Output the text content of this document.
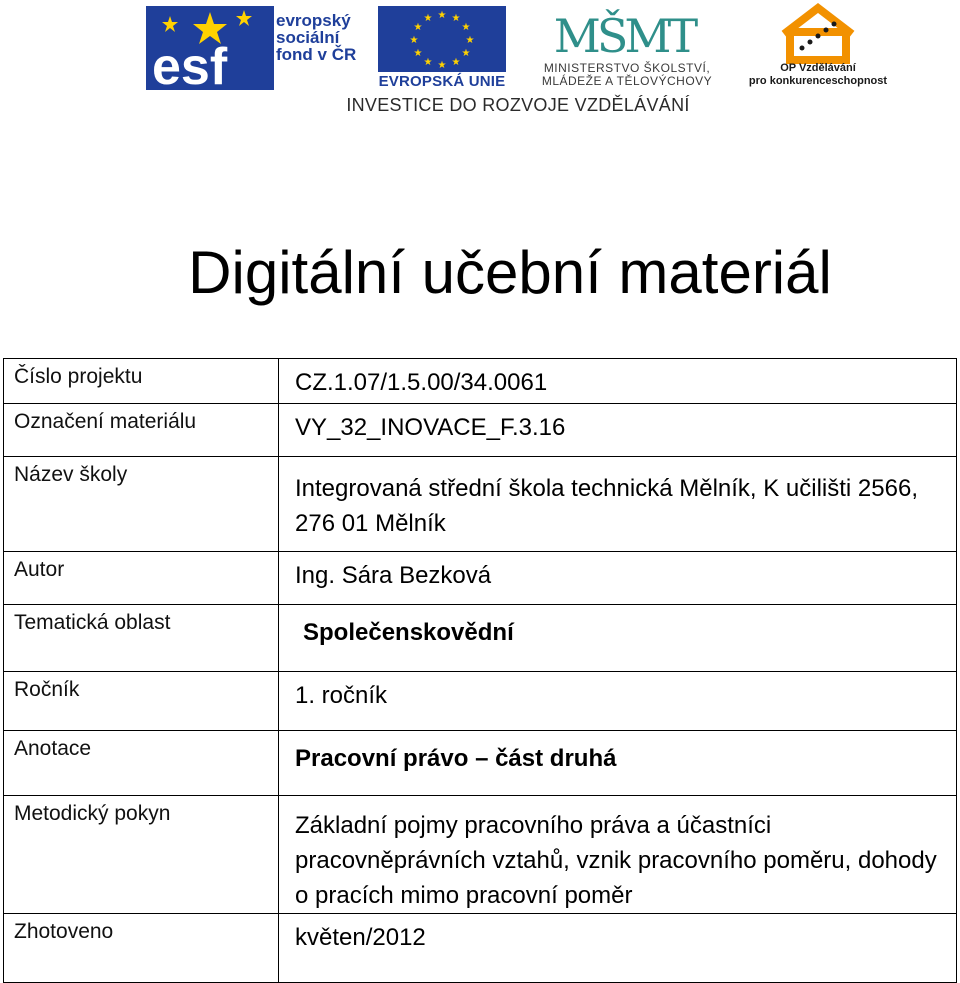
esf
evropský
sociální
fond v ČR
★ ★
★
★
★
★
★
★
★
★
★
★
EVROPSKÁ UNIE
MŠMT
MINISTERSTVO ŠKOLSTVÍ,
MLÁDEŽE A TĚLOVÝCHOVY
OP Vzdělávání
pro konkurenceschopnost
INVESTICE DO ROZVOJE VZDĚLÁVÁNÍ
Digitální učební materiál
Číslo projektu	CZ.1.07/1.5.00/34.0061
Označení materiálu	VY_32_INOVACE_F.3.16
Název školy	Integrovaná střední škola technická Mělník, K učilišti 2566, 276 01 Mělník
Autor	Ing. Sára Bezková
Tematická oblast	Společenskovědní
Ročník	1. ročník
Anotace	Pracovní právo – část druhá
Metodický pokyn	Základní pojmy pracovního práva a účastníci pracovněprávních vztahů, vznik pracovního poměru, dohody o pracích mimo pracovní poměr
Zhotoveno	květen/2012
